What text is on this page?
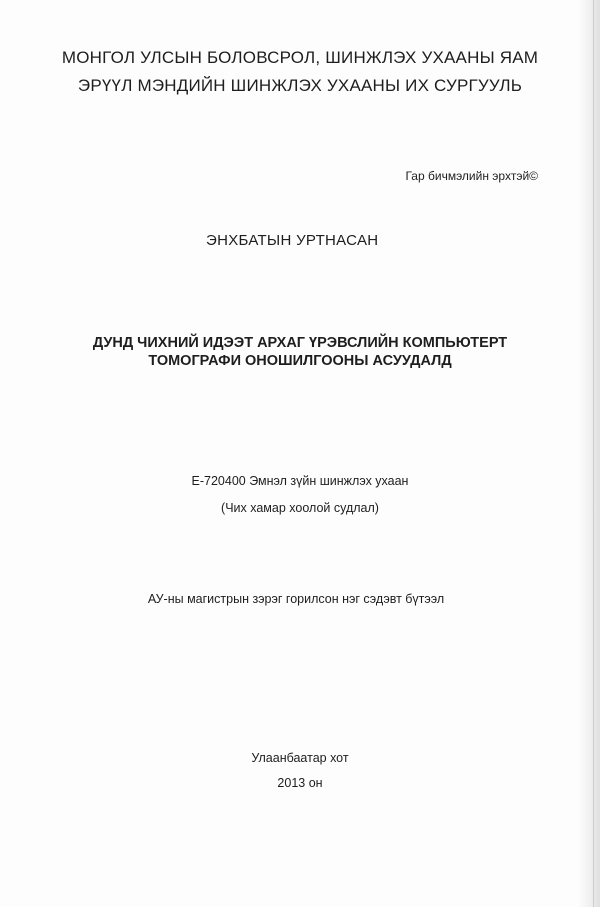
МОНГОЛ УЛСЫН БОЛОВСРОЛ, ШИНЖЛЭХ УХААНЫ ЯАМ
ЭРҮҮЛ МЭНДИЙН ШИНЖЛЭХ УХААНЫ ИХ СУРГУУЛЬ
Гар бичмэлийн эрхтэй©
ЭНХБАТЫН УРТНАСАН
ДУНД ЧИХНИЙ ИДЭЭТ АРХАГ ҮРЭВСЛИЙН КОМПЬЮТЕРТ
ТОМОГРАФИ ОНОШИЛГООНЫ АСУУДАЛД
Е-720400 Эмнэл зүйн шинжлэх ухаан
(Чих хамар хоолой судлал)
АУ-ны магистрын зэрэг горилсон нэг сэдэвт бүтээл
Улаанбаатар хот
2013 он
